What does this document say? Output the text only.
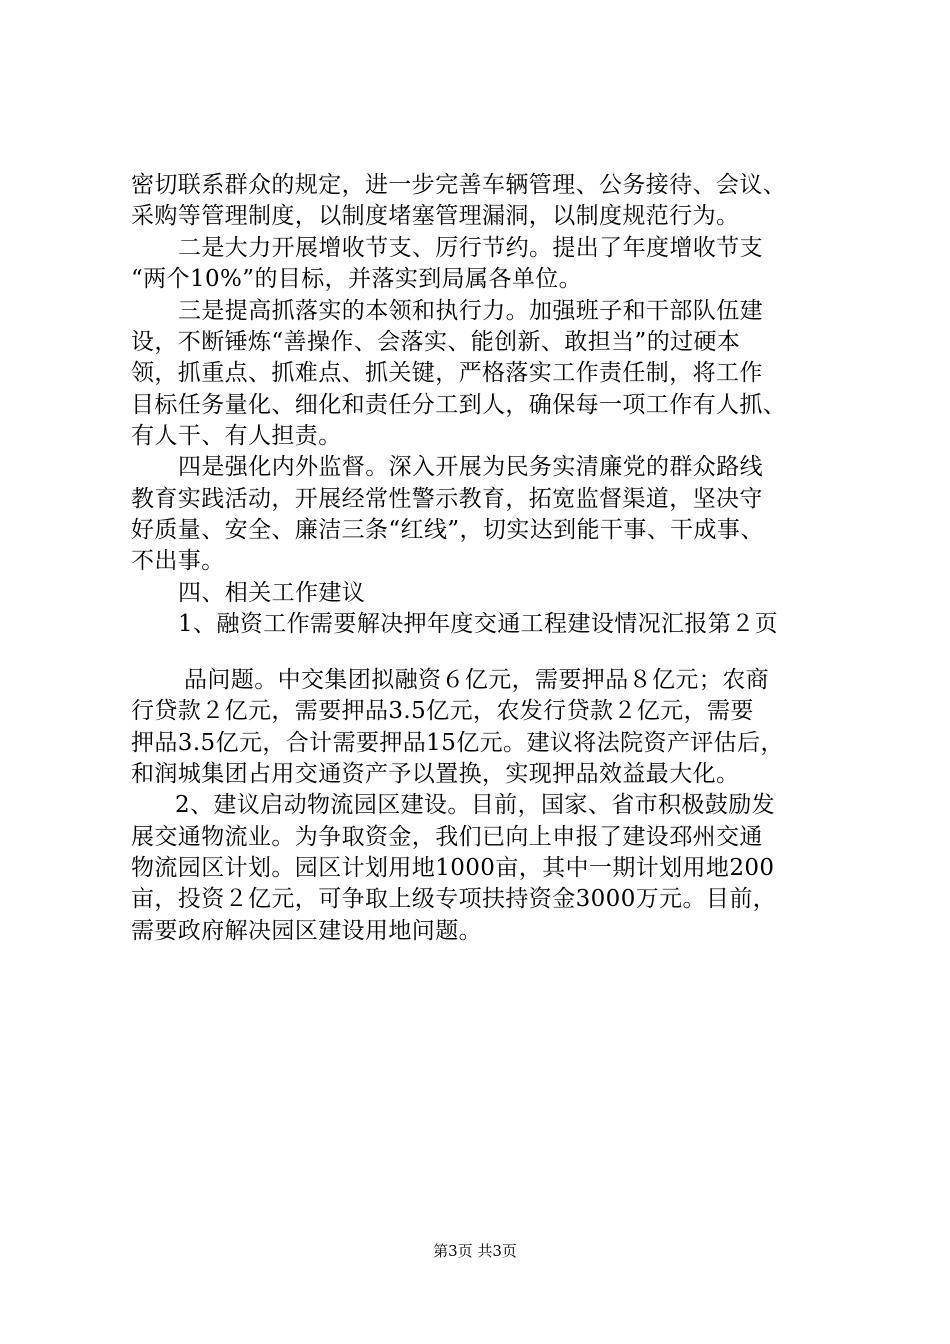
密切联系群众的规定，进一步完善车辆管理、公务接待、会议、
采购等管理制度，以制度堵塞管理漏洞，以制度规范行为。
二是大力开展增收节支、厉行节约。提出了年度增收节支
“两个10%”的目标，并落实到局属各单位。
三是提高抓落实的本领和执行力。加强班子和干部队伍建
设，不断锤炼“善操作、会落实、能创新、敢担当”的过硬本
领，抓重点、抓难点、抓关键，严格落实工作责任制，将工作
目标任务量化、细化和责任分工到人，确保每一项工作有人抓、
有人干、有人担责。
四是强化内外监督。深入开展为民务实清廉党的群众路线
教育实践活动，开展经常性警示教育，拓宽监督渠道，坚决守
好质量、安全、廉洁三条“红线”，切实达到能干事、干成事、
不出事。
四、相关工作建议
1、融资工作需要解决押年度交通工程建设情况汇报第２页
品问题。中交集团拟融资６亿元，需要押品８亿元；农商
行贷款２亿元，需要押品3.5亿元，农发行贷款２亿元，需要
押品3.5亿元，合计需要押品15亿元。建议将法院资产评估后，
和润城集团占用交通资产予以置换，实现押品效益最大化。
2、建议启动物流园区建设。目前，国家、省市积极鼓励发
展交通物流业。为争取资金，我们已向上申报了建设邳州交通
物流园区计划。园区计划用地1000亩，其中一期计划用地200
亩，投资２亿元，可争取上级专项扶持资金3000万元。目前，
需要政府解决园区建设用地问题。
第3页 共3页
